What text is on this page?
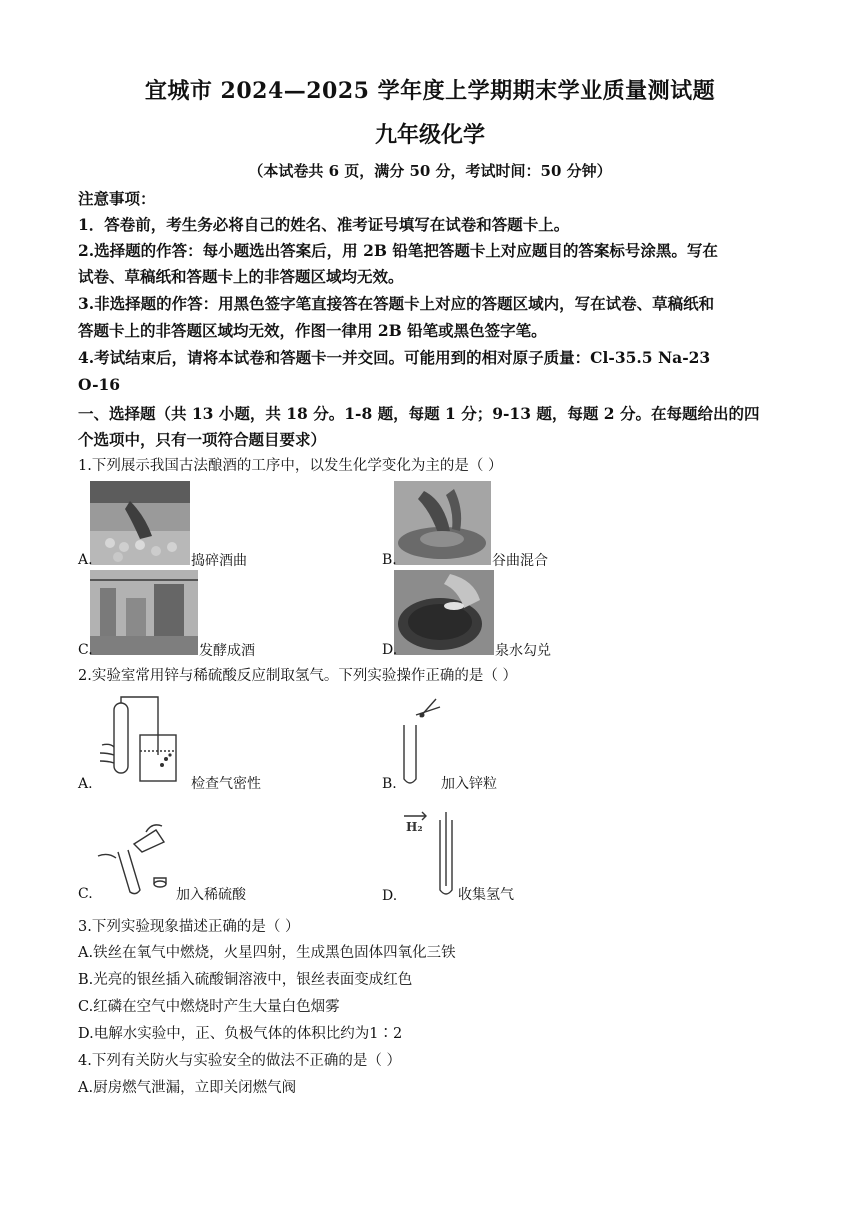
宜城市 2024—2025 学年度上学期期末学业质量测试题
九年级化学
（本试卷共 6 页，满分 50 分，考试时间：50 分钟）
注意事项：
1．答卷前，考生务必将自己的姓名、准考证号填写在试卷和答题卡上。
2.选择题的作答：每小题选出答案后，用 2B 铅笔把答题卡上对应题目的答案标号涂黑。写在
试卷、草稿纸和答题卡上的非答题区域均无效。
3.非选择题的作答：用黑色签字笔直接答在答题卡上对应的答题区域内，写在试卷、草稿纸和
答题卡上的非答题区域均无效，作图一律用 2B 铅笔或黑色签字笔。
4.考试结束后，请将本试卷和答题卡一并交回。可能用到的相对原子质量：Cl-35.5 Na-23
O-16
一、选择题（共 13 小题，共 18 分。1-8 题，每题 1 分；9-13 题，每题 2 分。在每题给出的四
个选项中，只有一项符合题目要求）
1.下列展示我国古法酿酒的工序中，以发生化学变化为主的是（ ）
A.	捣碎酒曲	B.	谷曲混合
C.	发酵成酒	D.	泉水勾兑
2.实验室常用锌与稀硫酸反应制取氢气。下列实验操作正确的是（ ）
A.	检查气密性	B.	加入锌粒
C.	加入稀硫酸
H₂
D.	收集氢气
3.下列实验现象描述正确的是（ ）
A.铁丝在氧气中燃烧，火星四射，生成黑色固体四氧化三铁
B.光亮的银丝插入硫酸铜溶液中，银丝表面变成红色
C.红磷在空气中燃烧时产生大量白色烟雾
D.电解水实验中，正、负极气体的体积比约为1∶2
4.下列有关防火与实验安全的做法不正确的是（ ）
A.厨房燃气泄漏，立即关闭燃气阀
